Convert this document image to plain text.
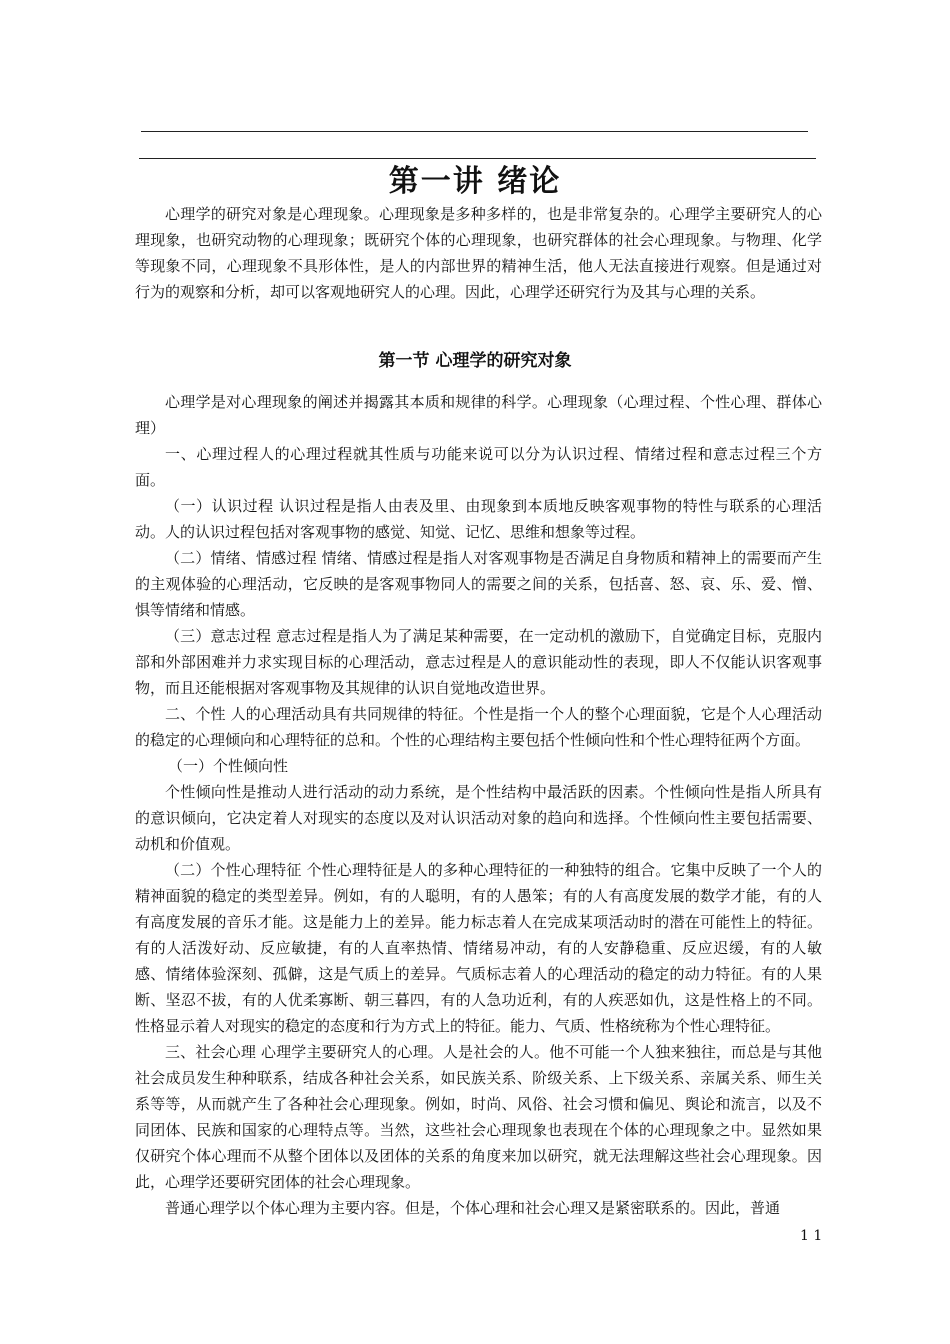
第一讲 绪论

心理学的研究对象是心理现象。心理现象是多种多样的，也是非常复杂的。心理学主要研究人的心理现象，也研究动物的心理现象；既研究个体的心理现象，也研究群体的社会心理现象。与物理、化学等现象不同，心理现象不具形体性，是人的内部世界的精神生活，他人无法直接进行观察。但是通过对行为的观察和分析，却可以客观地研究人的心理。因此，心理学还研究行为及其与心理的关系。

第一节 心理学的研究对象

心理学是对心理现象的阐述并揭露其本质和规律的科学。心理现象（心理过程、个性心理、群体心理）

一、心理过程人的心理过程就其性质与功能来说可以分为认识过程、情绪过程和意志过程三个方面。

（一）认识过程 认识过程是指人由表及里、由现象到本质地反映客观事物的特性与联系的心理活动。人的认识过程包括对客观事物的感觉、知觉、记忆、思维和想象等过程。

（二）情绪、情感过程 情绪、情感过程是指人对客观事物是否满足自身物质和精神上的需要而产生的主观体验的心理活动，它反映的是客观事物同人的需要之间的关系，包括喜、怒、哀、乐、爱、憎、惧等情绪和情感。

（三）意志过程 意志过程是指人为了满足某种需要，在一定动机的激励下，自觉确定目标，克服内部和外部困难并力求实现目标的心理活动，意志过程是人的意识能动性的表现，即人不仅能认识客观事物，而且还能根据对客观事物及其规律的认识自觉地改造世界。

二、个性 人的心理活动具有共同规律的特征。个性是指一个人的整个心理面貌，它是个人心理活动的稳定的心理倾向和心理特征的总和。个性的心理结构主要包括个性倾向性和个性心理特征两个方面。

（一）个性倾向性

个性倾向性是推动人进行活动的动力系统，是个性结构中最活跃的因素。个性倾向性是指人所具有的意识倾向，它决定着人对现实的态度以及对认识活动对象的趋向和选择。个性倾向性主要包括需要、动机和价值观。

（二）个性心理特征 个性心理特征是人的多种心理特征的一种独特的组合。它集中反映了一个人的精神面貌的稳定的类型差异。例如，有的人聪明，有的人愚笨；有的人有高度发展的数学才能，有的人有高度发展的音乐才能。这是能力上的差异。能力标志着人在完成某项活动时的潜在可能性上的特征。有的人活泼好动、反应敏捷，有的人直率热情、情绪易冲动，有的人安静稳重、反应迟缓，有的人敏感、情绪体验深刻、孤僻，这是气质上的差异。气质标志着人的心理活动的稳定的动力特征。有的人果断、坚忍不拔，有的人优柔寡断、朝三暮四，有的人急功近利，有的人疾恶如仇，这是性格上的不同。性格显示着人对现实的稳定的态度和行为方式上的特征。能力、气质、性格统称为个性心理特征。

三、社会心理 心理学主要研究人的心理。人是社会的人。他不可能一个人独来独往，而总是与其他社会成员发生种种联系，结成各种社会关系，如民族关系、阶级关系、上下级关系、亲属关系、师生关系等等，从而就产生了各种社会心理现象。例如，时尚、风俗、社会习惯和偏见、舆论和流言，以及不同团体、民族和国家的心理特点等。当然，这些社会心理现象也表现在个体的心理现象之中。显然如果仅研究个体心理而不从整个团体以及团体的关系的角度来加以研究，就无法理解这些社会心理现象。因此，心理学还要研究团体的社会心理现象。

普通心理学以个体心理为主要内容。但是，个体心理和社会心理又是紧密联系的。因此，普通

1 1
